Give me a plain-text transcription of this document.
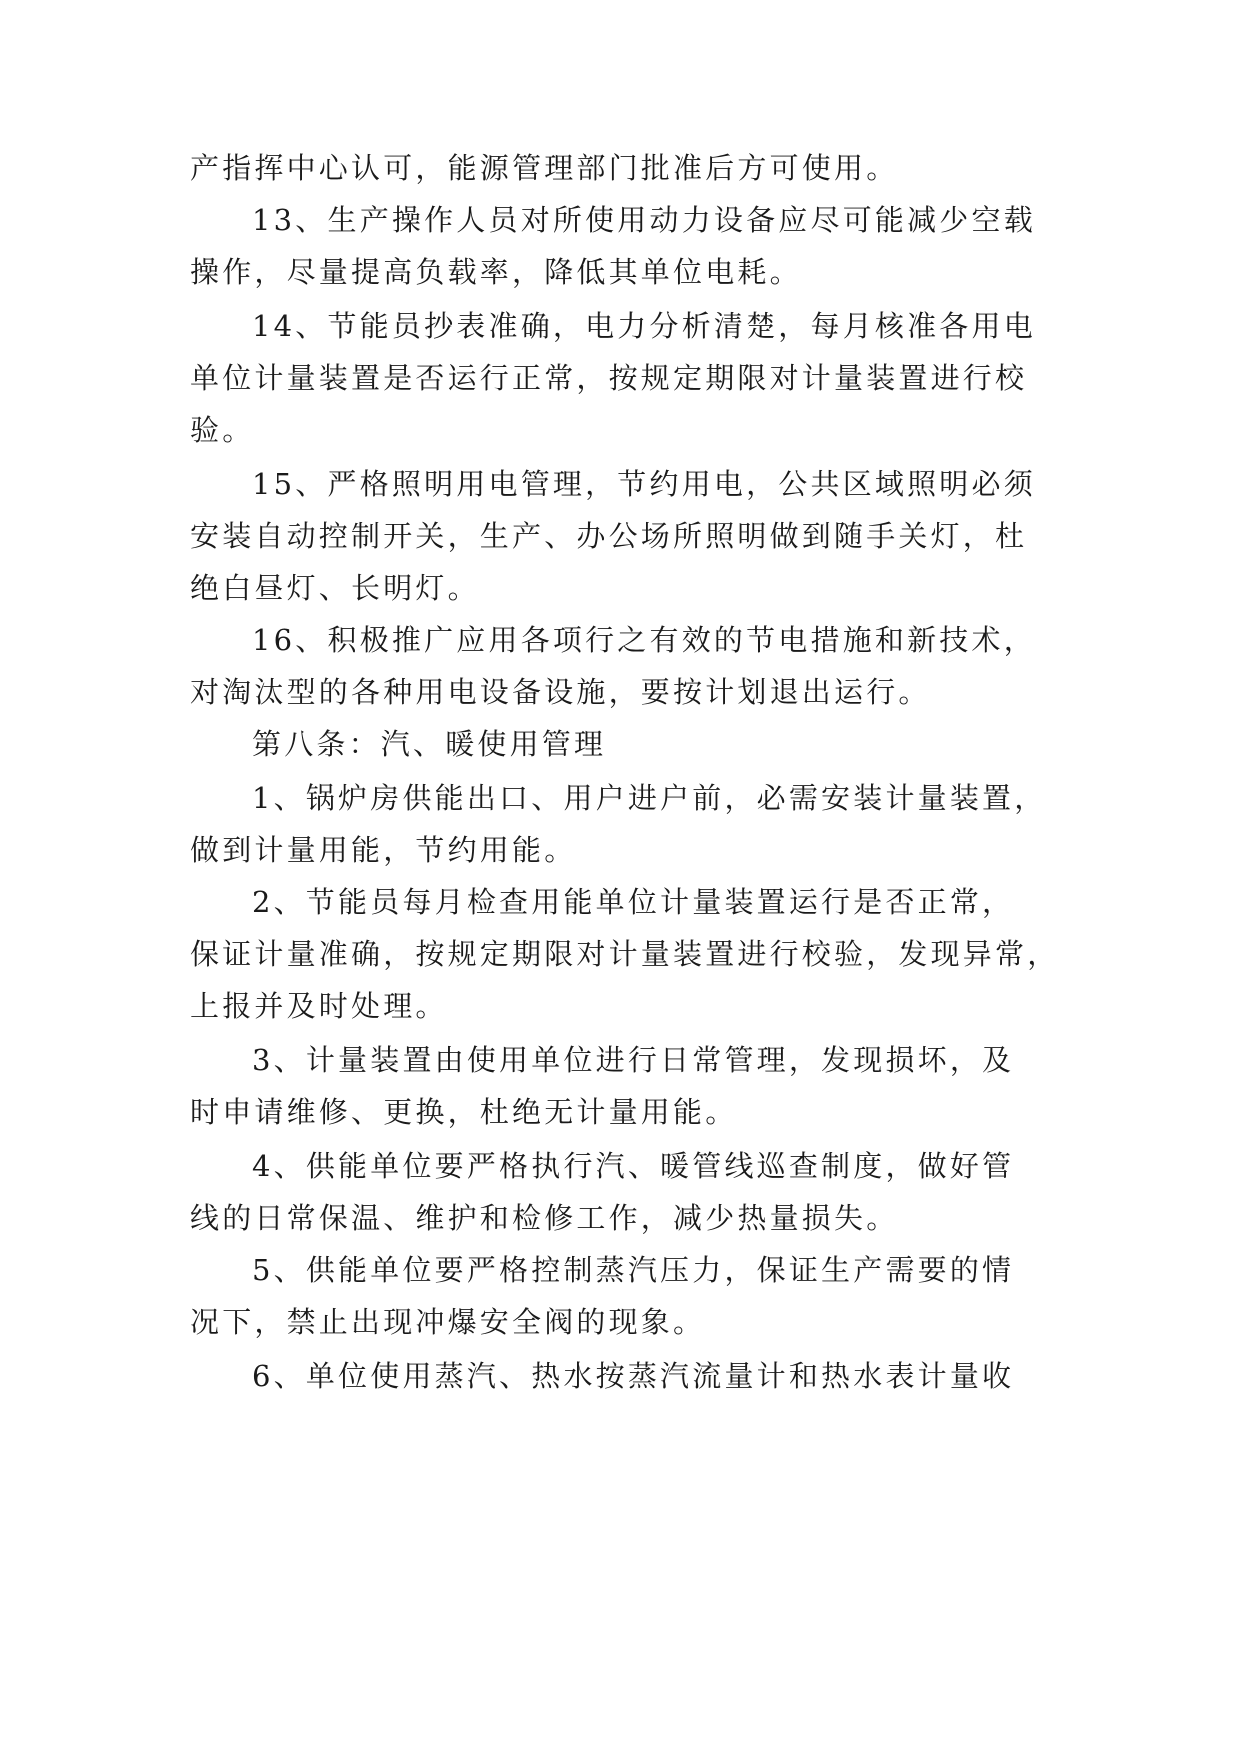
产指挥中心认可，能源管理部门批准后方可使用。
13、生产操作人员对所使用动力设备应尽可能减少空载
操作，尽量提高负载率，降低其单位电耗。
14、节能员抄表准确，电力分析清楚，每月核准各用电
单位计量装置是否运行正常，按规定期限对计量装置进行校
验。
15、严格照明用电管理，节约用电，公共区域照明必须
安装自动控制开关，生产、办公场所照明做到随手关灯，杜
绝白昼灯、长明灯。
16、积极推广应用各项行之有效的节电措施和新技术，
对淘汰型的各种用电设备设施，要按计划退出运行。
第八条：汽、暖使用管理
1、锅炉房供能出口、用户进户前，必需安装计量装置，
做到计量用能，节约用能。
2、节能员每月检查用能单位计量装置运行是否正常，
保证计量准确，按规定期限对计量装置进行校验，发现异常，
上报并及时处理。
3、计量装置由使用单位进行日常管理，发现损坏，及
时申请维修、更换，杜绝无计量用能。
4、供能单位要严格执行汽、暖管线巡查制度，做好管
线的日常保温、维护和检修工作，减少热量损失。
5、供能单位要严格控制蒸汽压力，保证生产需要的情
况下，禁止出现冲爆安全阀的现象。
6、单位使用蒸汽、热水按蒸汽流量计和热水表计量收
